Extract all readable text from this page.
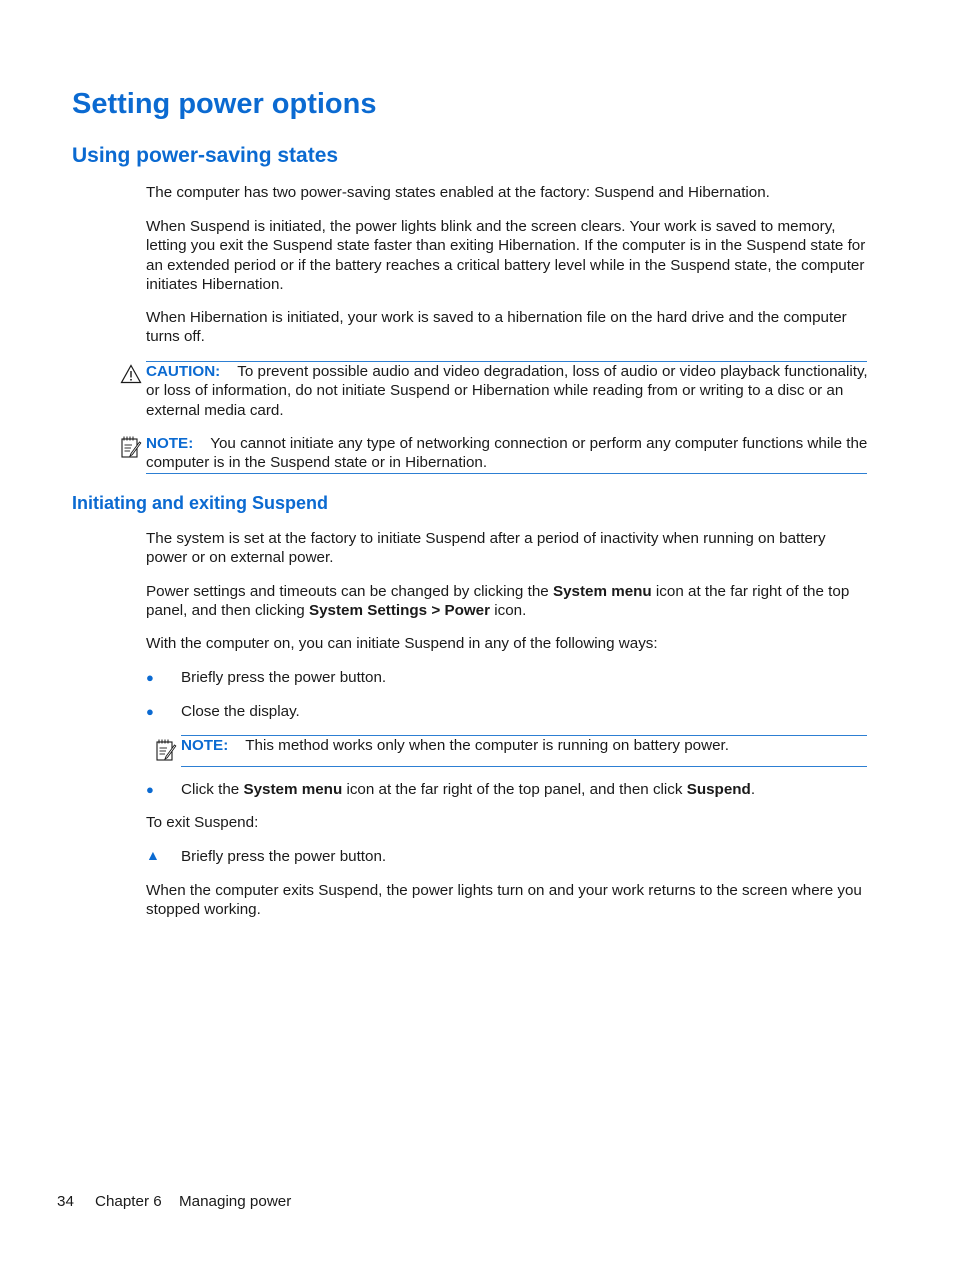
Setting power options
Using power-saving states
The computer has two power-saving states enabled at the factory: Suspend and Hibernation.
When Suspend is initiated, the power lights blink and the screen clears. Your work is saved to memory, letting you exit the Suspend state faster than exiting Hibernation. If the computer is in the Suspend state for an extended period or if the battery reaches a critical battery level while in the Suspend state, the computer initiates Hibernation.
When Hibernation is initiated, your work is saved to a hibernation file on the hard drive and the computer turns off.
CAUTION: To prevent possible audio and video degradation, loss of audio or video playback functionality, or loss of information, do not initiate Suspend or Hibernation while reading from or writing to a disc or an external media card.
NOTE: You cannot initiate any type of networking connection or perform any computer functions while the computer is in the Suspend state or in Hibernation.
Initiating and exiting Suspend
The system is set at the factory to initiate Suspend after a period of inactivity when running on battery power or on external power.
Power settings and timeouts can be changed by clicking the System menu icon at the far right of the top panel, and then clicking System Settings > Power icon.
With the computer on, you can initiate Suspend in any of the following ways:
● Briefly press the power button.
● Close the display.
NOTE: This method works only when the computer is running on battery power.
● Click the System menu icon at the far right of the top panel, and then click Suspend.
To exit Suspend:
▲ Briefly press the power button.
When the computer exits Suspend, the power lights turn on and your work returns to the screen where you stopped working.
34 Chapter 6 Managing power
